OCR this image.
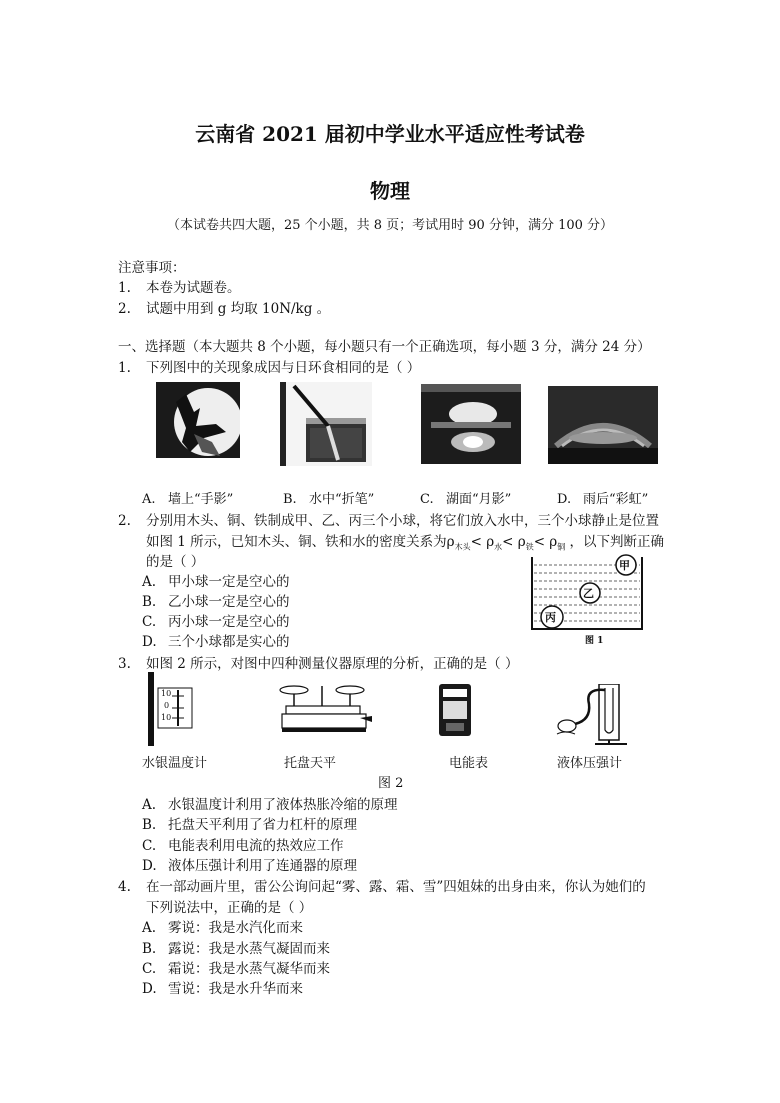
云南省 2021 届初中学业水平适应性考试卷
物理
（本试卷共四大题，25 个小题，共 8 页；考试用时 90 分钟，满分 100 分）
注意事项：
1. 本卷为试题卷。
2. 试题中用到 g 均取 10N/kg 。
一、选择题（本大题共 8 个小题，每小题只有一个正确选项，每小题 3 分，满分 24 分）
1. 下列图中的关现象成因与日环食相同的是（ ）
A. 墙上“手影”	B. 水中“折笔”	C. 湖面“月影”	D. 雨后“彩虹”
2. 分别用木头、铜、铁制成甲、乙、丙三个小球，将它们放入水中，三个小球静止是位置
如图 1 所示，已知木头、铜、铁和水的密度关系为$\rho_{木头}< \rho_水< \rho_铁< \rho_铜$ ，以下判断正确
的是（ ）
A. 甲小球一定是空心的
B. 乙小球一定是空心的
C. 丙小球一定是空心的
D. 三个小球都是实心的
甲
乙
丙
图 1
3. 如图 2 所示，对图中四种测量仪器原理的分析，正确的是（ ）
10
0
10
水银温度计	托盘天平	电能表	液体压强计
图 2
A. 水银温度计利用了液体热胀冷缩的原理
B. 托盘天平利用了省力杠杆的原理
C. 电能表利用电流的热效应工作
D. 液体压强计利用了连通器的原理
4. 在一部动画片里，雷公公询问起“雾、露、霜、雪”四姐妹的出身由来，你认为她们的
下列说法中，正确的是（ ）
A. 雾说：我是水汽化而来
B. 露说：我是水蒸气凝固而来
C. 霜说：我是水蒸气凝华而来
D. 雪说：我是水升华而来
